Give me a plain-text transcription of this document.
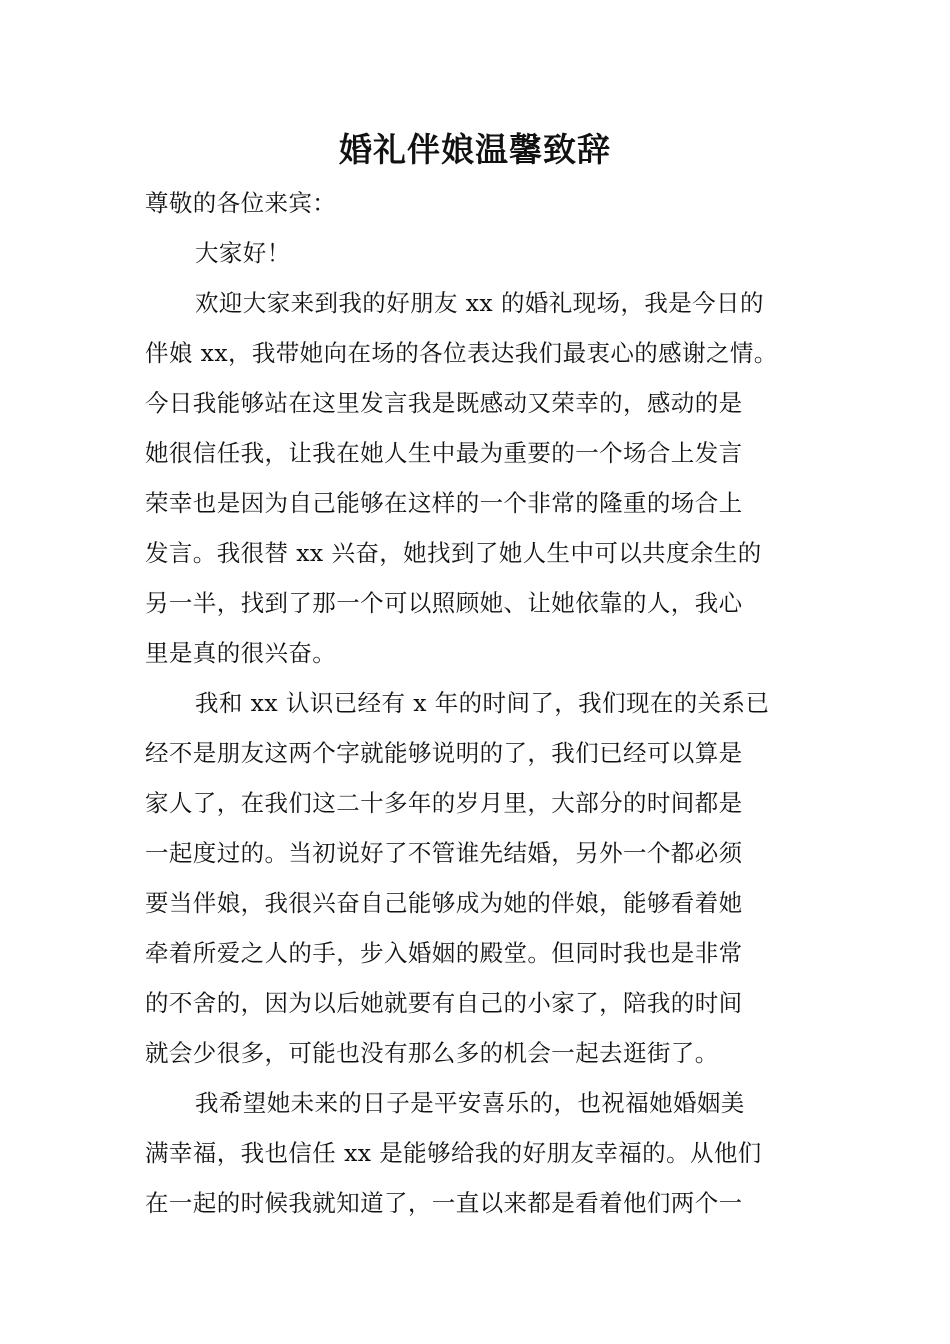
婚礼伴娘温馨致辞
尊敬的各位来宾：
大家好！
欢迎大家来到我的好朋友 xx 的婚礼现场，我是今日的
伴娘 xx，我带她向在场的各位表达我们最衷心的感谢之情。
今日我能够站在这里发言我是既感动又荣幸的，感动的是
她很信任我，让我在她人生中最为重要的一个场合上发言
荣幸也是因为自己能够在这样的一个非常的隆重的场合上
发言。我很替 xx 兴奋，她找到了她人生中可以共度余生的
另一半，找到了那一个可以照顾她、让她依靠的人，我心
里是真的很兴奋。
我和 xx 认识已经有 x 年的时间了，我们现在的关系已
经不是朋友这两个字就能够说明的了，我们已经可以算是
家人了，在我们这二十多年的岁月里，大部分的时间都是
一起度过的。当初说好了不管谁先结婚，另外一个都必须
要当伴娘，我很兴奋自己能够成为她的伴娘，能够看着她
牵着所爱之人的手，步入婚姻的殿堂。但同时我也是非常
的不舍的，因为以后她就要有自己的小家了，陪我的时间
就会少很多，可能也没有那么多的机会一起去逛街了。
我希望她未来的日子是平安喜乐的，也祝福她婚姻美
满幸福，我也信任 xx 是能够给我的好朋友幸福的。从他们
在一起的时候我就知道了，一直以来都是看着他们两个一
